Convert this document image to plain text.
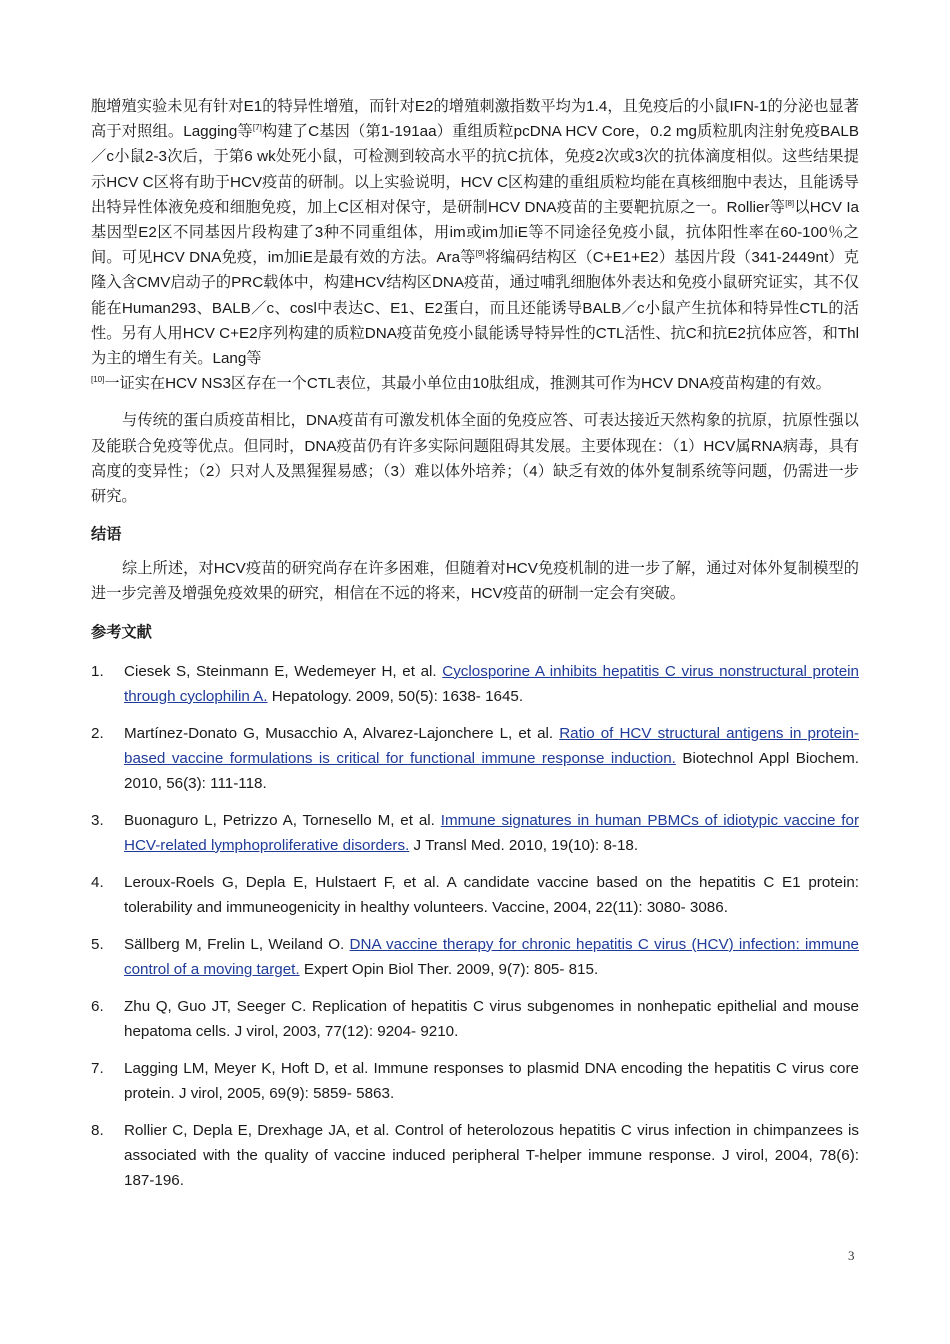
胞增殖实验未见有针对E1的特异性增殖，而针对E2的增殖刺激指数平均为1.4，且免疫后的小鼠IFN-1的分泌也显著高于对照组。Lagging等[7]构建了C基因（第1-191aa）重组质粒pcDNA HCV Core，0.2 mg质粒肌肉注射免疫BALB／c小鼠2-3次后，于第6 wk处死小鼠，可检测到较高水平的抗C抗体，免疫2次或3次的抗体滴度相似。这些结果提示HCV C区将有助于HCV疫苗的研制。以上实验说明，HCV C区构建的重组质粒均能在真核细胞中表达，且能诱导出特异性体液免疫和细胞免疫，加上C区相对保守，是研制HCV DNA疫苗的主要靶抗原之一。Rollier等[8]以HCV Ia基因型E2区不同基因片段构建了3种不同重组体，用im或im加iE等不同途径免疫小鼠，抗体阳性率在60-100％之间。可见HCV DNA免疫，im加iE是最有效的方法。Ara等[9]将编码结构区（C+E1+E2）基因片段（341-2449nt）克隆入含CMV启动子的PRC载体中，构建HCV结构区DNA疫苗，通过哺乳细胞体外表达和免疫小鼠研究证实，其不仅能在Human293、BALB／c、cosl中表达C、E1、E2蛋白，而且还能诱导BALB／c小鼠产生抗体和特异性CTL的活性。另有人用HCV C+E2序列构建的质粒DNA疫苗免疫小鼠能诱导特异性的CTL活性、抗C和抗E2抗体应答，和Thl为主的增生有关。Lang等
[10]一证实在HCV NS3区存在一个CTL表位，其最小单位由10肽组成，推测其可作为HCV DNA疫苗构建的有效。

与传统的蛋白质疫苗相比，DNA疫苗有可激发机体全面的免疫应答、可表达接近天然构象的抗原，抗原性强以及能联合免疫等优点。但同时，DNA疫苗仍有许多实际问题阻碍其发展。主要体现在：（1）HCV属RNA病毒，具有高度的变异性；（2）只对人及黑猩猩易感；（3）难以体外培养；（4）缺乏有效的体外复制系统等问题，仍需进一步研究。

结语

综上所述，对HCV疫苗的研究尚存在许多困难，但随着对HCV免疫机制的进一步了解，通过对体外复制模型的进一步完善及增强免疫效果的研究，相信在不远的将来，HCV疫苗的研制一定会有突破。

参考文献
1.	Ciesek S, Steinmann E, Wedemeyer H, et al. Cyclosporine A inhibits hepatitis C virus nonstructural protein through cyclophilin A. Hepatology. 2009, 50(5): 1638- 1645.
2.	Martínez-Donato G, Musacchio A, Alvarez-Lajonchere L, et al. Ratio of HCV structural antigens in protein-based vaccine formulations is critical for functional immune response induction. Biotechnol Appl Biochem. 2010, 56(3): 111-118.
3.	Buonaguro L, Petrizzo A, Tornesello M, et al. Immune signatures in human PBMCs of idiotypic vaccine for HCV-related lymphoproliferative disorders. J Transl Med. 2010, 19(10): 8-18.
4.	Leroux-Roels G, Depla E, Hulstaert F, et al. A candidate vaccine based on the hepatitis C E1 protein: tolerability and immuneogenicity in healthy volunteers. Vaccine, 2004, 22(11): 3080- 3086.
5.	Sällberg M, Frelin L, Weiland O. DNA vaccine therapy for chronic hepatitis C virus (HCV) infection: immune control of a moving target. Expert Opin Biol Ther. 2009, 9(7): 805- 815.
6.	Zhu Q, Guo JT, Seeger C. Replication of hepatitis C virus subgenomes in nonhepatic epithelial and mouse hepatoma cells. J virol, 2003, 77(12): 9204- 9210.
7.	Lagging LM, Meyer K, Hoft D, et al. Immune responses to plasmid DNA encoding the hepatitis C virus core protein. J virol, 2005, 69(9): 5859- 5863.
8.	Rollier C, Depla E, Drexhage JA, et al. Control of heterolozous hepatitis C virus infection in chimpanzees is associated with the quality of vaccine induced peripheral T-helper immune response. J virol, 2004, 78(6): 187-196.
3
